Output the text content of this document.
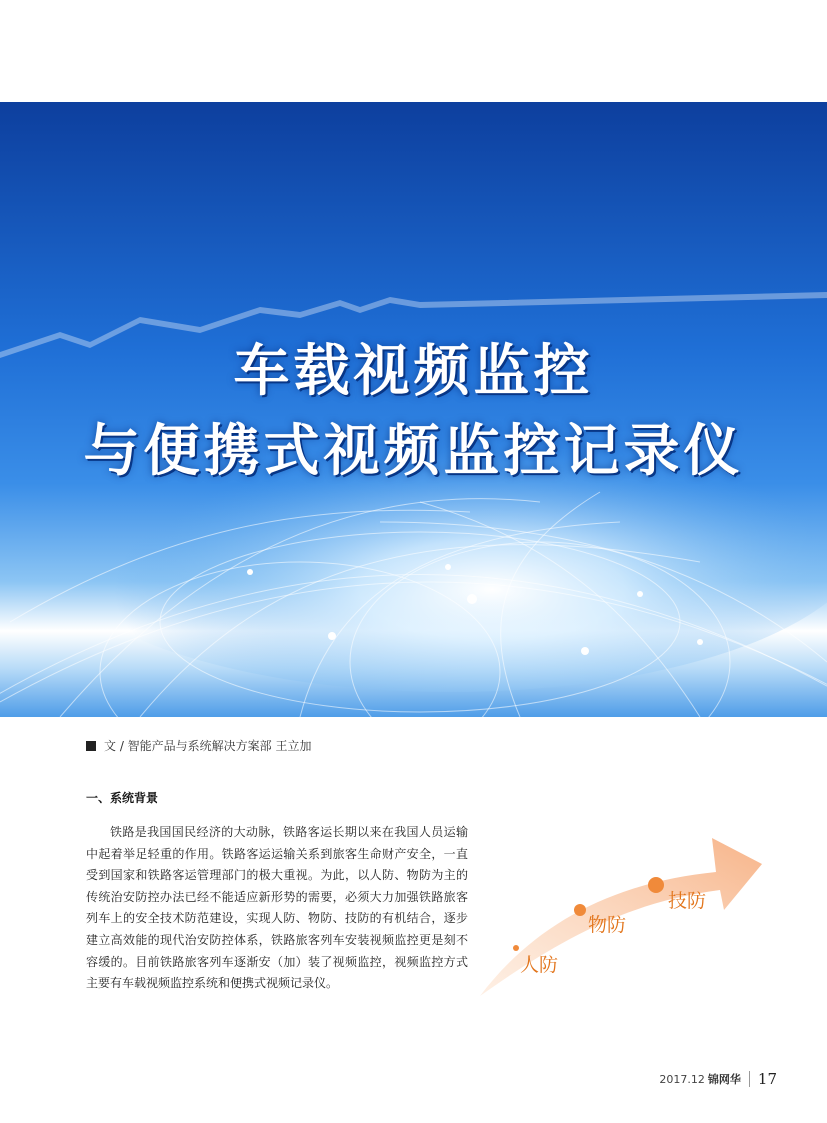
车载视频监控
与便携式视频监控记录仪
文 / 智能产品与系统解决方案部 王立加
一、系统背景

铁路是我国国民经济的大动脉，铁路客运长期以来在我国人员运输中起着举足轻重的作用。铁路客运运输关系到旅客生命财产安全，一直受到国家和铁路客运管理部门的极大重视。为此，以人防、物防为主的传统治安防控办法已经不能适应新形势的需要，必须大力加强铁路旅客列车上的安全技术防范建设，实现人防、物防、技防的有机结合，逐步建立高效能的现代治安防控体系，铁路旅客列车安装视频监控更是刻不容缓的。目前铁路旅客列车逐渐安（加）装了视频监控，视频监控方式主要有车载视频监控系统和便携式视频记录仪。

人防
物防
技防
2017.12 锦网华 17
